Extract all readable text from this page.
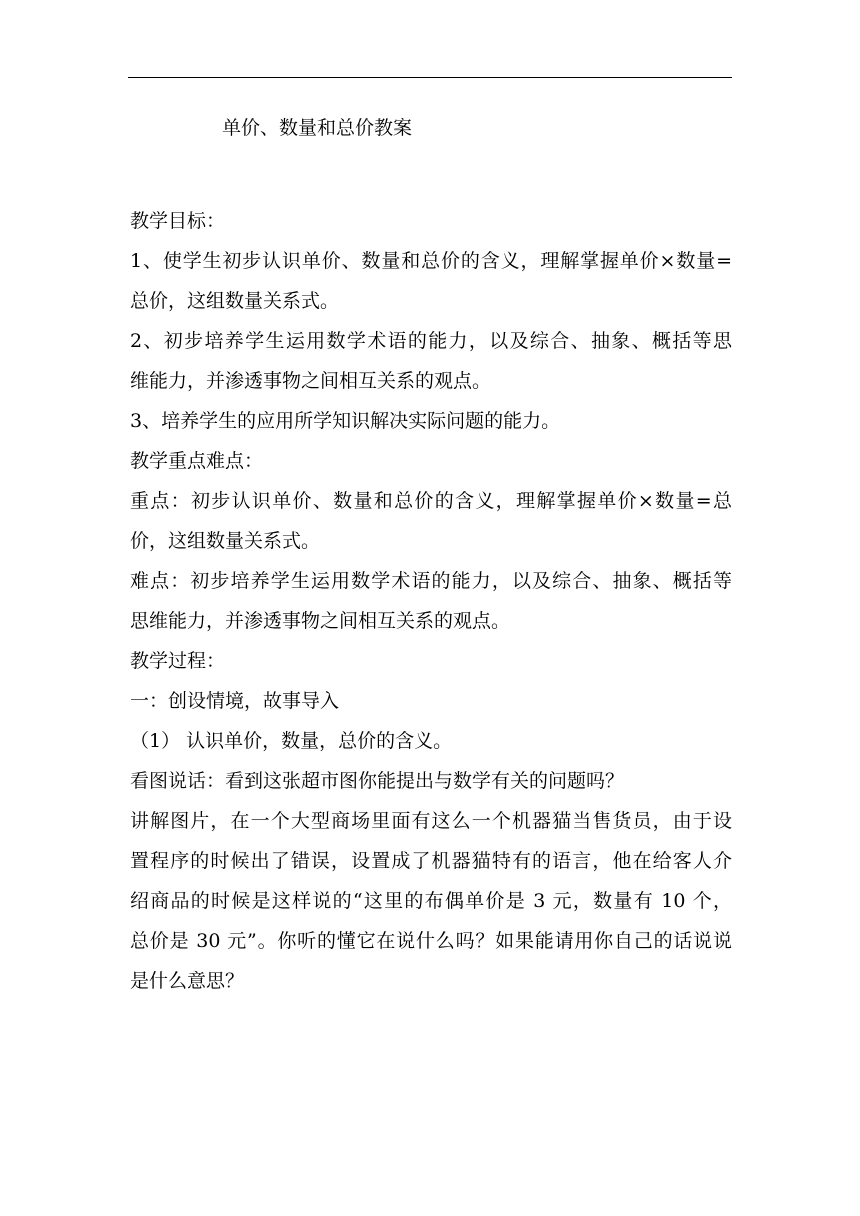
单价、数量和总价教案
教学目标：
1、使学生初步认识单价、数量和总价的含义，理解掌握单价×数量=
总价，这组数量关系式。
2、初步培养学生运用数学术语的能力，以及综合、抽象、概括等思
维能力，并渗透事物之间相互关系的观点。
3、培养学生的应用所学知识解决实际问题的能力。
教学重点难点：
重点：初步认识单价、数量和总价的含义，理解掌握单价×数量=总
价，这组数量关系式。
难点：初步培养学生运用数学术语的能力，以及综合、抽象、概括等
思维能力，并渗透事物之间相互关系的观点。
教学过程：
一：创设情境，故事导入
（1） 认识单价，数量，总价的含义。
看图说话：看到这张超市图你能提出与数学有关的问题吗？
讲解图片，在一个大型商场里面有这么一个机器猫当售货员，由于设
置程序的时候出了错误，设置成了机器猫特有的语言，他在给客人介
绍商品的时候是这样说的“这里的布偶单价是 3 元，数量有 10 个，
总价是 30 元”。你听的懂它在说什么吗？如果能请用你自己的话说说
是什么意思？
